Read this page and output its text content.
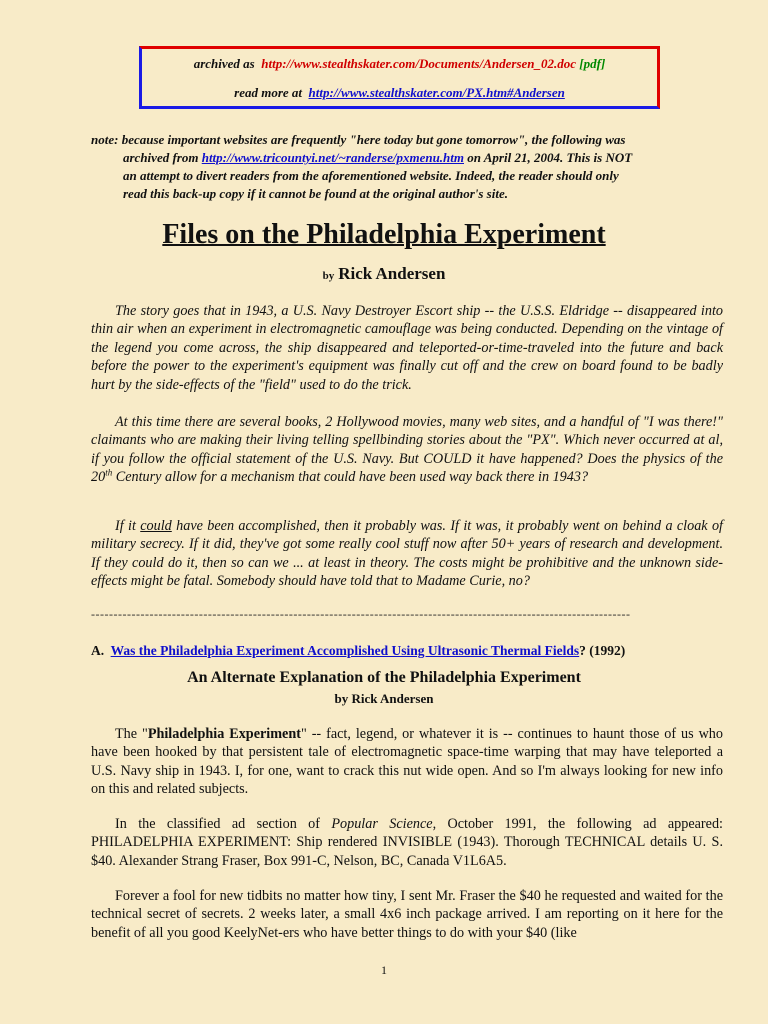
archived as http://www.stealthskater.com/Documents/Andersen_02.doc [pdf]
read more at http://www.stealthskater.com/PX.htm#Andersen
note: because important websites are frequently "here today but gone tomorrow", the following was
archived from http://www.tricountyi.net/~randerse/pxmenu.htm on April 21, 2004. This is NOT
an attempt to divert readers from the aforementioned website. Indeed, the reader should only
read this back-up copy if it cannot be found at the original author's site.
Files on the Philadelphia Experiment
by Rick Andersen

The story goes that in 1943, a U.S. Navy Destroyer Escort ship -- the U.S.S. Eldridge -- disappeared into thin air when an experiment in electromagnetic camouflage was being conducted. Depending on the vintage of the legend you come across, the ship disappeared and teleported-or-time-traveled into the future and back before the power to the experiment's equipment was finally cut off and the crew on board found to be badly hurt by the side-effects of the "field" used to do the trick.

At this time there are several books, 2 Hollywood movies, many web sites, and a handful of "I was there!" claimants who are making their living telling spellbinding stories about the "PX". Which never occurred at al, if you follow the official statement of the U.S. Navy. But COULD it have happened? Does the physics of the 20th Century allow for a mechanism that could have been used way back there in 1943?

If it could have been accomplished, then it probably was. If it was, it probably went on behind a cloak of military secrecy. If it did, they've got some really cool stuff now after 50+ years of research and development. If they could do it, then so can we ... at least in theory. The costs might be prohibitive and the unknown side-effects might be fatal. Somebody should have told that to Madame Curie, no?

------------------------------------------------------------------------------------------------------------------------
A. Was the Philadelphia Experiment Accomplished Using Ultrasonic Thermal Fields? (1992)
An Alternate Explanation of the Philadelphia Experiment
by Rick Andersen

The "Philadelphia Experiment" -- fact, legend, or whatever it is -- continues to haunt those of us who have been hooked by that persistent tale of electromagnetic space-time warping that may have teleported a U.S. Navy ship in 1943. I, for one, want to crack this nut wide open. And so I'm always looking for new info on this and related subjects.

In the classified ad section of Popular Science, October 1991, the following ad appeared: PHILADELPHIA EXPERIMENT: Ship rendered INVISIBLE (1943). Thorough TECHNICAL details U. S. $40. Alexander Strang Fraser, Box 991-C, Nelson, BC, Canada V1L6A5.

Forever a fool for new tidbits no matter how tiny, I sent Mr. Fraser the $40 he requested and waited for the technical secret of secrets. 2 weeks later, a small 4x6 inch package arrived. I am reporting on it here for the benefit of all you good KeelyNet-ers who have better things to do with your $40 (like

1
